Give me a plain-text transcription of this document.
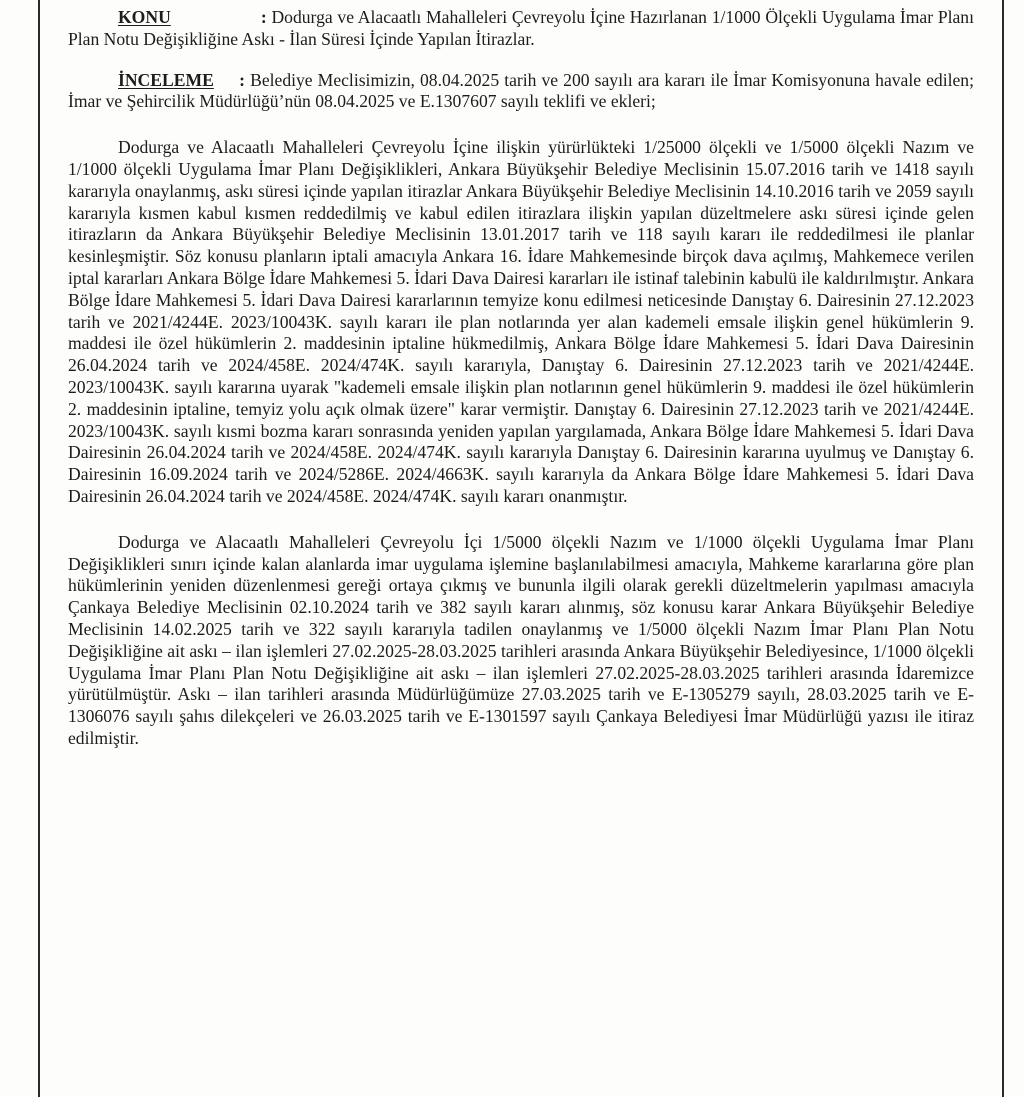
KONU	: Dodurga ve Alacaatlı Mahalleleri Çevreyolu İçine Hazırlanan 1/1000 Ölçekli Uygulama İmar Planı Plan Notu Değişikliğine Askı - İlan Süresi İçinde Yapılan İtirazlar.

İNCELEME : Belediye Meclisimizin, 08.04.2025 tarih ve 200 sayılı ara kararı ile İmar Komisyonuna havale edilen; İmar ve Şehircilik Müdürlüğü’nün 08.04.2025 ve E.1307607 sayılı teklifi ve ekleri;

Dodurga ve Alacaatlı Mahalleleri Çevreyolu İçine ilişkin yürürlükteki 1/25000 ölçekli ve 1/5000 ölçekli Nazım ve 1/1000 ölçekli Uygulama İmar Planı Değişiklikleri, Ankara Büyükşehir Belediye Meclisinin 15.07.2016 tarih ve 1418 sayılı kararıyla onaylanmış, askı süresi içinde yapılan itirazlar Ankara Büyükşehir Belediye Meclisinin 14.10.2016 tarih ve 2059 sayılı kararıyla kısmen kabul kısmen reddedilmiş ve kabul edilen itirazlara ilişkin yapılan düzeltmelere askı süresi içinde gelen itirazların da Ankara Büyükşehir Belediye Meclisinin 13.01.2017 tarih ve 118 sayılı kararı ile reddedilmesi ile planlar kesinleşmiştir. Söz konusu planların iptali amacıyla Ankara 16. İdare Mahkemesinde birçok dava açılmış, Mahkemece verilen iptal kararları Ankara Bölge İdare Mahkemesi 5. İdari Dava Dairesi kararları ile istinaf talebinin kabulü ile kaldırılmıştır. Ankara Bölge İdare Mahkemesi 5. İdari Dava Dairesi kararlarının temyize konu edilmesi neticesinde Danıştay 6. Dairesinin 27.12.2023 tarih ve 2021/4244E. 2023/10043K. sayılı kararı ile plan notlarında yer alan kademeli emsale ilişkin genel hükümlerin 9. maddesi ile özel hükümlerin 2. maddesinin iptaline hükmedilmiş, Ankara Bölge İdare Mahkemesi 5. İdari Dava Dairesinin 26.04.2024 tarih ve 2024/458E. 2024/474K. sayılı kararıyla, Danıştay 6. Dairesinin 27.12.2023 tarih ve 2021/4244E. 2023/10043K. sayılı kararına uyarak "kademeli emsale ilişkin plan notlarının genel hükümlerin 9. maddesi ile özel hükümlerin 2. maddesinin iptaline, temyiz yolu açık olmak üzere" karar vermiştir. Danıştay 6. Dairesinin 27.12.2023 tarih ve 2021/4244E. 2023/10043K. sayılı kısmi bozma kararı sonrasında yeniden yapılan yargılamada, Ankara Bölge İdare Mahkemesi 5. İdari Dava Dairesinin 26.04.2024 tarih ve 2024/458E. 2024/474K. sayılı kararıyla Danıştay 6. Dairesinin kararına uyulmuş ve Danıştay 6. Dairesinin 16.09.2024 tarih ve 2024/5286E. 2024/4663K. sayılı kararıyla da Ankara Bölge İdare Mahkemesi 5. İdari Dava Dairesinin 26.04.2024 tarih ve 2024/458E. 2024/474K. sayılı kararı onanmıştır.

Dodurga ve Alacaatlı Mahalleleri Çevreyolu İçi 1/5000 ölçekli Nazım ve 1/1000 ölçekli Uygulama İmar Planı Değişiklikleri sınırı içinde kalan alanlarda imar uygulama işlemine başlanılabilmesi amacıyla, Mahkeme kararlarına göre plan hükümlerinin yeniden düzenlenmesi gereği ortaya çıkmış ve bununla ilgili olarak gerekli düzeltmelerin yapılması amacıyla Çankaya Belediye Meclisinin 02.10.2024 tarih ve 382 sayılı kararı alınmış, söz konusu karar Ankara Büyükşehir Belediye Meclisinin 14.02.2025 tarih ve 322 sayılı kararıyla tadilen onaylanmış ve 1/5000 ölçekli Nazım İmar Planı Plan Notu Değişikliğine ait askı – ilan işlemleri 27.02.2025-28.03.2025 tarihleri arasında Ankara Büyükşehir Belediyesince, 1/1000 ölçekli Uygulama İmar Planı Plan Notu Değişikliğine ait askı – ilan işlemleri 27.02.2025-28.03.2025 tarihleri arasında İdaremizce yürütülmüştür. Askı – ilan tarihleri arasında Müdürlüğümüze 27.03.2025 tarih ve E-1305279 sayılı, 28.03.2025 tarih ve E-1306076 sayılı şahıs dilekçeleri ve 26.03.2025 tarih ve E-1301597 sayılı Çankaya Belediyesi İmar Müdürlüğü yazısı ile itiraz edilmiştir.
